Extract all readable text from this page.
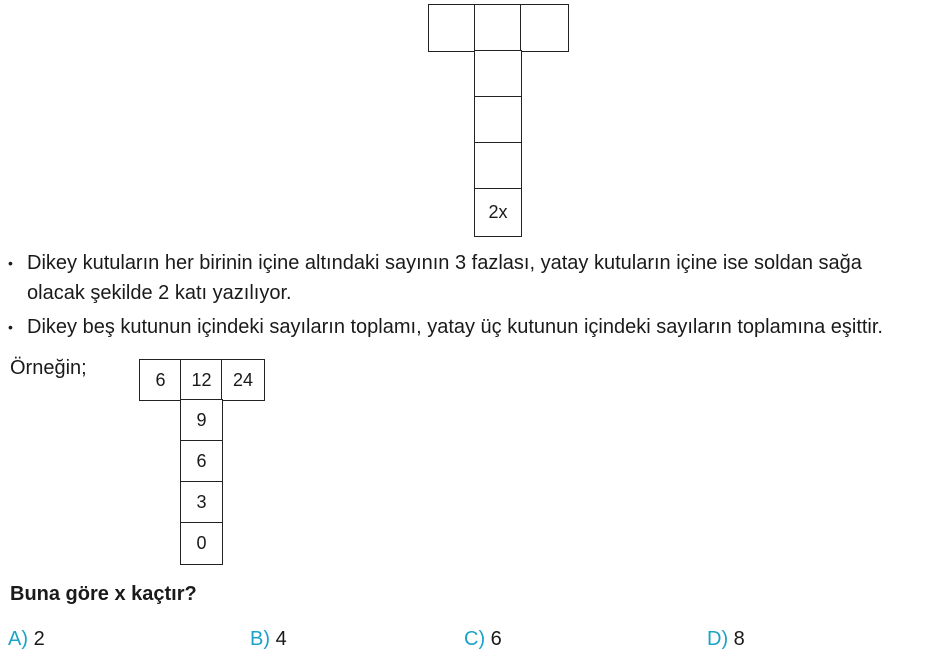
2x
• Dikey kutuların her birinin içine altındaki sayının 3 fazlası, yatay kutuların içine ise soldan sağa
olacak şekilde 2 katı yazılıyor.
• Dikey beş kutunun içindeki sayıların toplamı, yatay üç kutunun içindeki sayıların toplamına eşittir.
Örneğin;
6	12	24
9
6
3
0
Buna göre x kaçtır?
A) 2	B) 4	C) 6	D) 8
